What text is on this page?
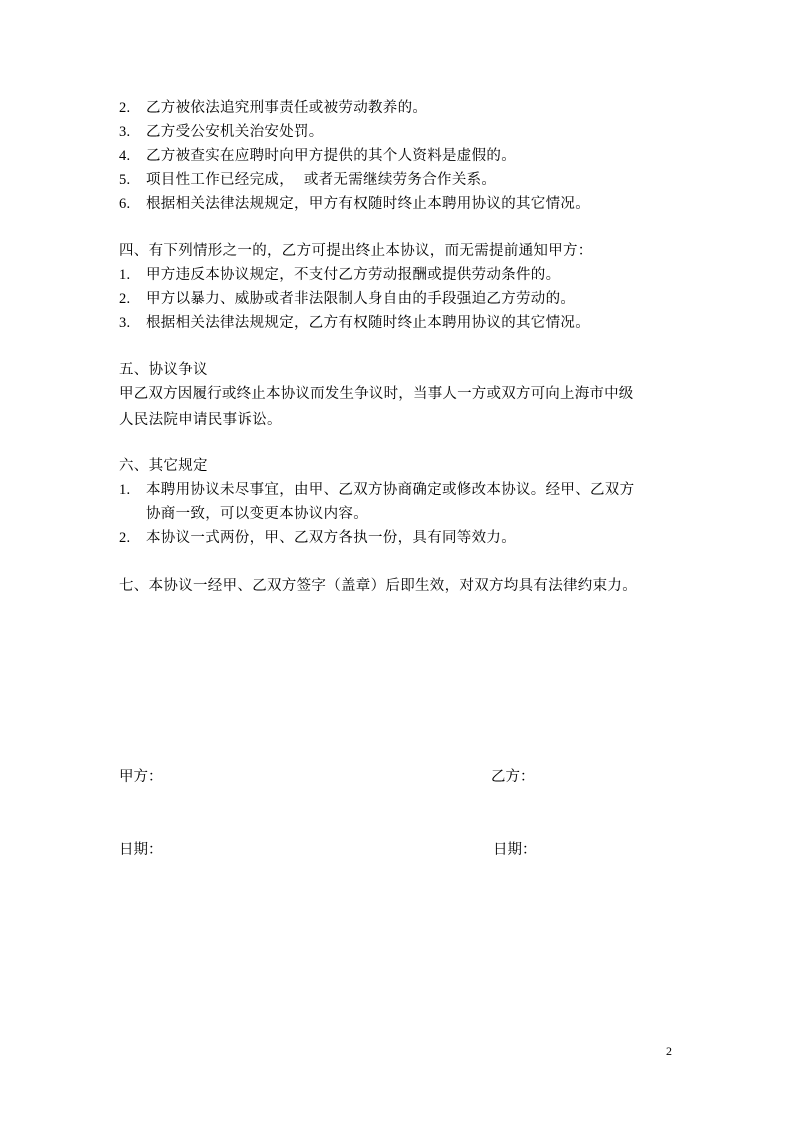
2. 乙方被依法追究刑事责任或被劳动教养的。
3. 乙方受公安机关治安处罚。
4. 乙方被查实在应聘时向甲方提供的其个人资料是虚假的。
5. 项目性工作已经完成，  或者无需继续劳务合作关系。
6. 根据相关法律法规规定，甲方有权随时终止本聘用协议的其它情况。
四、有下列情形之一的，乙方可提出终止本协议，而无需提前通知甲方：
1. 甲方违反本协议规定，不支付乙方劳动报酬或提供劳动条件的。
2. 甲方以暴力、威胁或者非法限制人身自由的手段强迫乙方劳动的。
3. 根据相关法律法规规定，乙方有权随时终止本聘用协议的其它情况。
五、协议争议
甲乙双方因履行或终止本协议而发生争议时，当事人一方或双方可向上海市中级
人民法院申请民事诉讼。
六、其它规定
1. 本聘用协议未尽事宜，由甲、乙双方协商确定或修改本协议。经甲、乙双方
协商一致，可以变更本协议内容。
2. 本协议一式两份，甲、乙双方各执一份，具有同等效力。
七、本协议一经甲、乙双方签字（盖章）后即生效，对双方均具有法律约束力。
甲方：	乙方：
日期：	日期：
2
